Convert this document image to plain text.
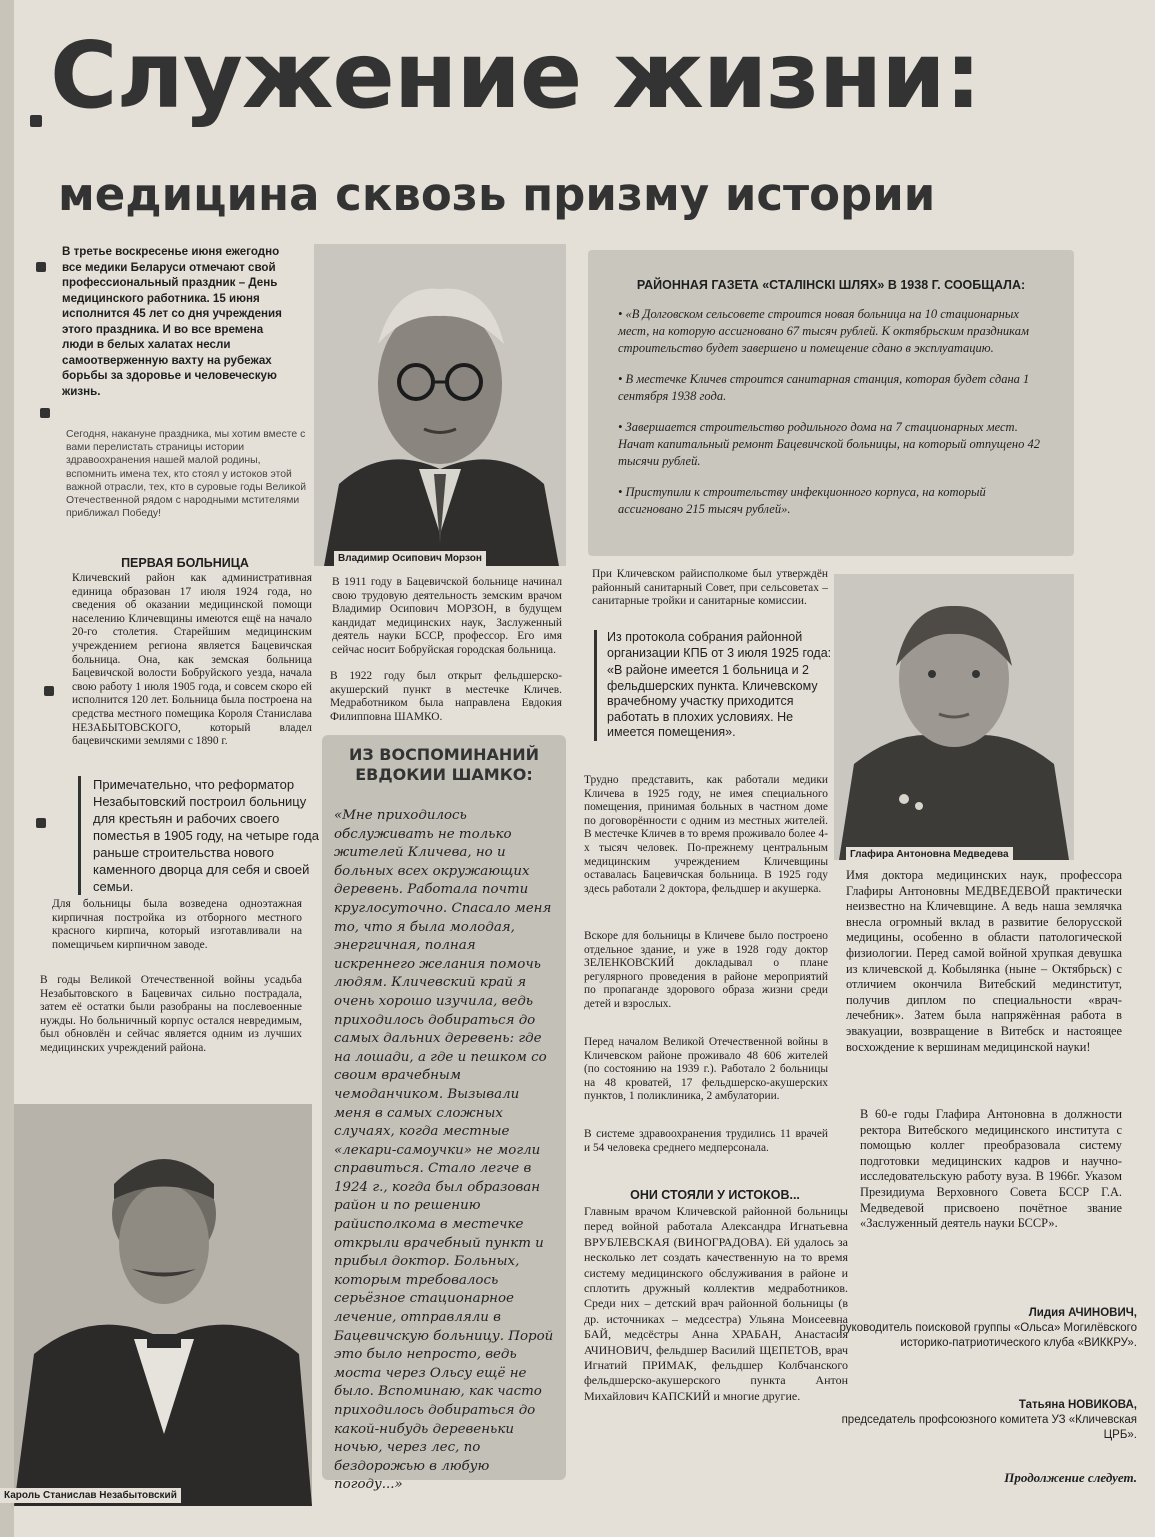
Служение жизни:
медицина сквозь призму истории
В третье воскресенье июня ежегодно все медики Беларуси отмечают свой профессиональный праздник – День медицинского работника. 15 июня исполнится 45 лет со дня учреждения этого праздника. И во все времена люди в белых халатах несли самоотверженную вахту на рубежах борьбы за здоровье и человеческую жизнь.
Сегодня, накануне праздника, мы хотим вместе с вами перелистать страницы истории здравоохранения нашей малой родины, вспомнить имена тех, кто стоял у истоков этой важной отрасли, тех, кто в суровые годы Великой Отечественной рядом с народными мстителями приближал Победу!
ПЕРВАЯ БОЛЬНИЦА
Кличевский район как административная единица образован 17 июля 1924 года, но сведения об оказании медицинской помощи населению Кличевщины имеются ещё на начало 20-го столетия. Старейшим медицинским учреждением региона является Бацевичская больница. Она, как земская больница Бацевичской волости Бобруйского уезда, начала свою работу 1 июля 1905 года, и совсем скоро ей исполнится 120 лет. Больница была построена на средства местного помещика Короля Станислава НЕЗАБЫТОВСКОГО, который владел бацевичскими землями с 1890 г.
Примечательно, что реформатор Незабытовский построил больницу для крестьян и рабочих своего поместья в 1905 году, на четыре года раньше строительства нового каменного дворца для себя и своей семьи.
Для больницы была возведена одноэтажная кирпичная постройка из отборного местного красного кирпича, который изготавливали на помещичьем кирпичном заводе.
В годы Великой Отечественной войны усадьба Незабытовского в Бацевичах сильно пострадала, затем её остатки были разобраны на послевоенные нужды. Но больничный корпус остался невредимым, был обновлён и сейчас является одним из лучших медицинских учреждений района.
Кароль Станислав Незабытовский
Владимир Осипович Морзон
В 1911 году в Бацевичской больнице начинал свою трудовую деятельность земским врачом Владимир Осипович МОРЗОН, в будущем кандидат медицинских наук, Заслуженный деятель науки БССР, профессор. Его имя сейчас носит Бобруйская городская больница.
В 1922 году был открыт фельдшерско-акушерский пункт в местечке Кличев. Медработником была направлена Евдокия Филипповна ШАМКО.
ИЗ ВОСПОМИНАНИЙ ЕВДОКИИ ШАМКО:
«Мне приходилось обслуживать не только жителей Кличева, но и больных всех окружающих деревень. Работала почти круглосуточно. Спасало меня то, что я была молодая, энергичная, полная искреннего желания помочь людям. Кличевский край я очень хорошо изучила, ведь приходилось добираться до самых дальних деревень: где на лошади, а где и пешком со своим врачебным чемоданчиком. Вызывали меня в самых сложных случаях, когда местные «лекари-самоучки» не могли справиться. Стало легче в 1924 г., когда был образован район и по решению райисполкома в местечке открыли врачебный пункт и прибыл доктор. Больных, которым требовалось серьёзное стационарное лечение, отправляли в Бацевичскую больницу. Порой это было непросто, ведь моста через Ольсу ещё не было. Вспоминаю, как часто приходилось добираться до какой-нибудь деревеньки ночью, через лес, по бездорожью в любую погоду...»
РАЙОННАЯ ГАЗЕТА «СТАЛІНСКІ ШЛЯХ» В 1938 Г. СООБЩАЛА:

• «В Долговском сельсовете строится новая больница на 10 стационарных мест, на которую ассигновано 67 тысяч рублей. К октябрьским праздникам строительство будет завершено и помещение сдано в эксплуатацию.

• В местечке Кличев строится санитарная станция, которая будет сдана 1 сентября 1938 года.

• Завершается строительство родильного дома на 7 стационарных мест. Начат капитальный ремонт Бацевичской больницы, на который отпущено 42 тысячи рублей.

• Приступили к строительству инфекционного корпуса, на который ассигновано 215 тысяч рублей».

При Кличевском райисполкоме был утверждён районный санитарный Совет, при сельсоветах – санитарные тройки и санитарные комиссии.
Из протокола собрания районной организации КПБ от 3 июля 1925 года:
«В районе имеется 1 больница и 2 фельдшерских пункта. Кличевскому врачебному участку приходится работать в плохих условиях. Не имеется помещения».
Трудно представить, как работали медики Кличева в 1925 году, не имея специального помещения, принимая больных в частном доме по договорённости с одним из местных жителей. В местечке Кличев в то время проживало более 4-х тысяч человек. По-прежнему центральным медицинским учреждением Кличевщины оставалась Бацевичская больница. В 1925 году здесь работали 2 доктора, фельдшер и акушерка.
Вскоре для больницы в Кличеве было построено отдельное здание, и уже в 1928 году доктор ЗЕЛЕНКОВСКИЙ докладывал о плане регулярного проведения в районе мероприятий по пропаганде здорового образа жизни среди детей и взрослых.
Перед началом Великой Отечественной войны в Кличевском районе проживало 48 606 жителей (по состоянию на 1939 г.). Работало 2 больницы на 48 кроватей, 17 фельдшерско-акушерских пунктов, 1 поликлиника, 2 амбулатории.
В системе здравоохранения трудились 11 врачей и 54 человека среднего медперсонала.
ОНИ СТОЯЛИ У ИСТОКОВ...
Главным врачом Кличевской районной больницы перед войной работала Александра Игнатьевна ВРУБЛЕВСКАЯ (ВИНОГРАДОВА). Ей удалось за несколько лет создать качественную на то время систему медицинского обслуживания в районе и сплотить дружный коллектив медработников. Среди них – детский врач районной больницы (в др. источниках – медсестра) Ульяна Моисеевна БАЙ, медсёстры Анна ХРАБАН, Анастасия АЧИНОВИЧ, фельдшер Василий ЩЕПЕТОВ, врач Игнатий ПРИМАК, фельдшер Колбчанского фельдшерско-акушерского пункта Антон Михайлович КАПСКИЙ и многие другие.
Глафира Антоновна Медведева
Имя доктора медицинских наук, профессора Глафиры Антоновны МЕДВЕДЕВОЙ практически неизвестно на Кличевщине. А ведь наша землячка внесла огромный вклад в развитие белорусской медицины, особенно в области патологической физиологии. Перед самой войной хрупкая девушка из кличевской д. Кобылянка (ныне – Октябрьск) с отличием окончила Витебский мединститут, получив диплом по специальности «врач-лечебник». Затем была напряжённая работа в эвакуации, возвращение в Витебск и настоящее восхождение к вершинам медицинской науки!
В 60-е годы Глафира Антоновна в должности ректора Витебского медицинского института с помощью коллег преобразовала систему подготовки медицинских кадров и научно-исследовательскую работу вуза. В 1966г. Указом Президиума Верховного Совета БССР Г.А. Медведевой присвоено почётное звание «Заслуженный деятель науки БССР».
Лидия АЧИНОВИЧ,
руководитель поисковой группы «Ольса» Могилёвского историко-патриотического клуба «ВИККРУ».
Татьяна НОВИКОВА,
председатель профсоюзного комитета УЗ «Кличевская ЦРБ».
Продолжение следует.
